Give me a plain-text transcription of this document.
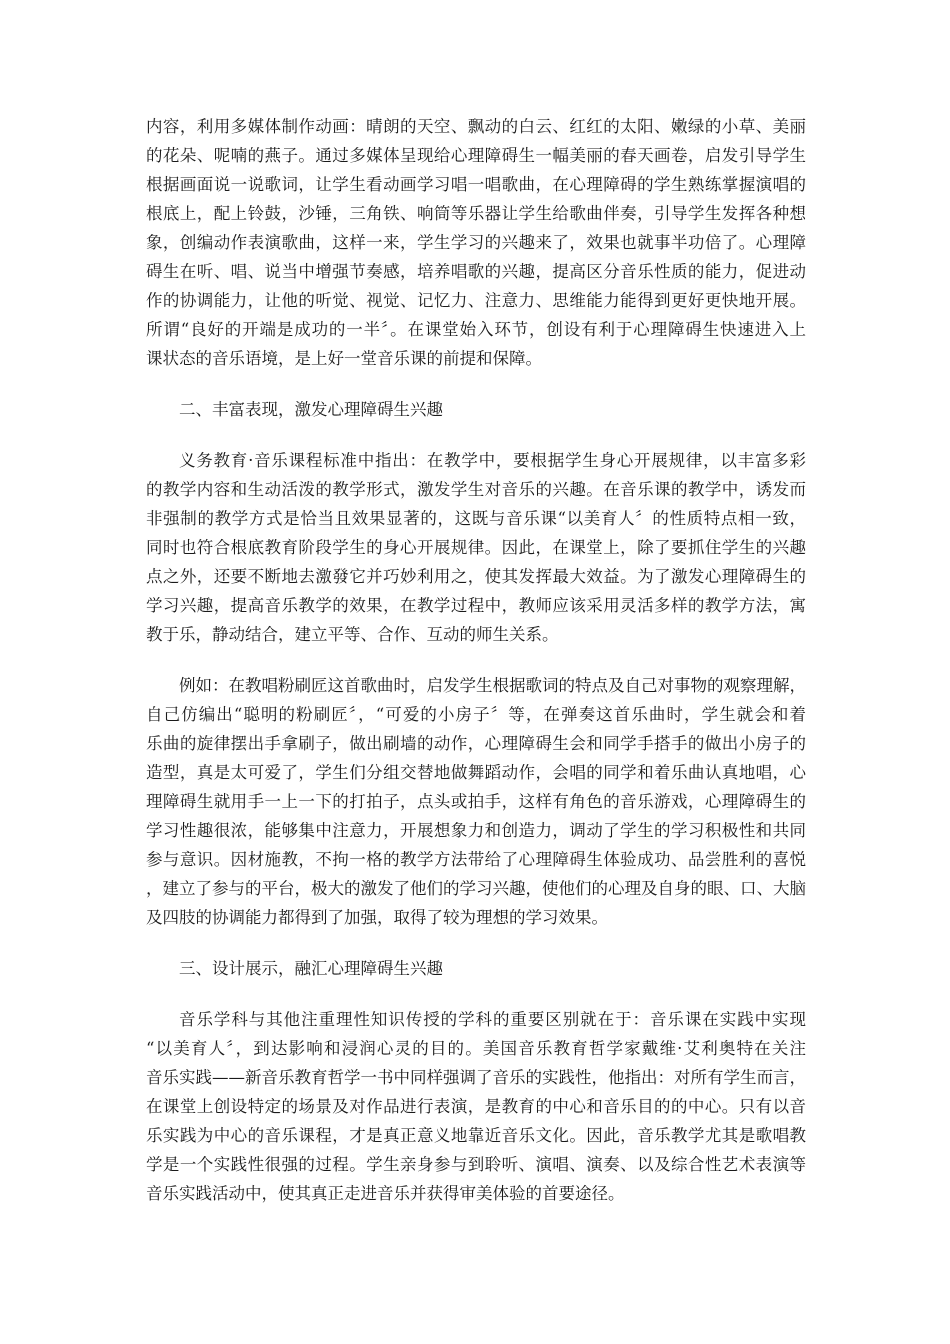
内容，利用多媒体制作动画：晴朗的天空、飘动的白云、红红的太阳、嫩绿的小草、美丽
的花朵、呢喃的燕子。通过多媒体呈现给心理障碍生一幅美丽的春天画卷，启发引导学生
根据画面说一说歌词，让学生看动画学习唱一唱歌曲，在心理障碍的学生熟练掌握演唱的
根底上，配上铃鼓，沙锤，三角铁、响筒等乐器让学生给歌曲伴奏，引导学生发挥各种想
象，创编动作表演歌曲，这样一来，学生学习的兴趣来了，效果也就事半功倍了。心理障
碍生在听、唱、说当中增强节奏感，培养唱歌的兴趣，提高区分音乐性质的能力，促进动
作的协调能力，让他的听觉、视觉、记忆力、注意力、思维能力能得到更好更快地开展。
所谓“良好的开端是成功的一半〞。在课堂始入环节，创设有利于心理障碍生快速进入上
课状态的音乐语境，是上好一堂音乐课的前提和保障。

二、丰富表现，激发心理障碍生兴趣

义务教育·音乐课程标准中指出：在教学中，要根据学生身心开展规律，以丰富多彩
的教学内容和生动活泼的教学形式，激发学生对音乐的兴趣。在音乐课的教学中，诱发而
非强制的教学方式是恰当且效果显著的，这既与音乐课“以美育人〞的性质特点相一致，
同时也符合根底教育阶段学生的身心开展规律。因此，在课堂上，除了要抓住学生的兴趣
点之外，还要不断地去激發它并巧妙利用之，使其发挥最大效益。为了激发心理障碍生的
学习兴趣，提高音乐教学的效果，在教学过程中，教师应该采用灵活多样的教学方法，寓
教于乐，静动结合，建立平等、合作、互动的师生关系。
例如：在教唱粉刷匠这首歌曲时，启发学生根据歌词的特点及自己对事物的观察理解，
自己仿编出“聪明的粉刷匠〞，“可爱的小房子〞等，在弹奏这首乐曲时，学生就会和着
乐曲的旋律摆出手拿刷子，做出刷墙的动作，心理障碍生会和同学手搭手的做出小房子的
造型，真是太可爱了，学生们分组交替地做舞蹈动作，会唱的同学和着乐曲认真地唱，心
理障碍生就用手一上一下的打拍子，点头或拍手，这样有角色的音乐游戏，心理障碍生的
学习性趣很浓，能够集中注意力，开展想象力和创造力，调动了学生的学习积极性和共同
参与意识。因材施教，不拘一格的教学方法带给了心理障碍生体验成功、品尝胜利的喜悦
，建立了参与的平台，极大的激发了他们的学习兴趣，使他们的心理及自身的眼、口、大脑
及四肢的协调能力都得到了加强，取得了较为理想的学习效果。

三、设计展示，融汇心理障碍生兴趣

音乐学科与其他注重理性知识传授的学科的重要区别就在于：音乐课在实践中实现
“以美育人〞，到达影响和浸润心灵的目的。美国音乐教育哲学家戴维·艾利奥特在关注
音乐实践——新音乐教育哲学一书中同样强调了音乐的实践性，他指出：对所有学生而言，
在课堂上创设特定的场景及对作品进行表演，是教育的中心和音乐目的的中心。只有以音
乐实践为中心的音乐课程，才是真正意义地靠近音乐文化。因此，音乐教学尤其是歌唱教
学是一个实践性很强的过程。学生亲身参与到聆听、演唱、演奏、以及综合性艺术表演等
音乐实践活动中，使其真正走进音乐并获得审美体验的首要途径。
